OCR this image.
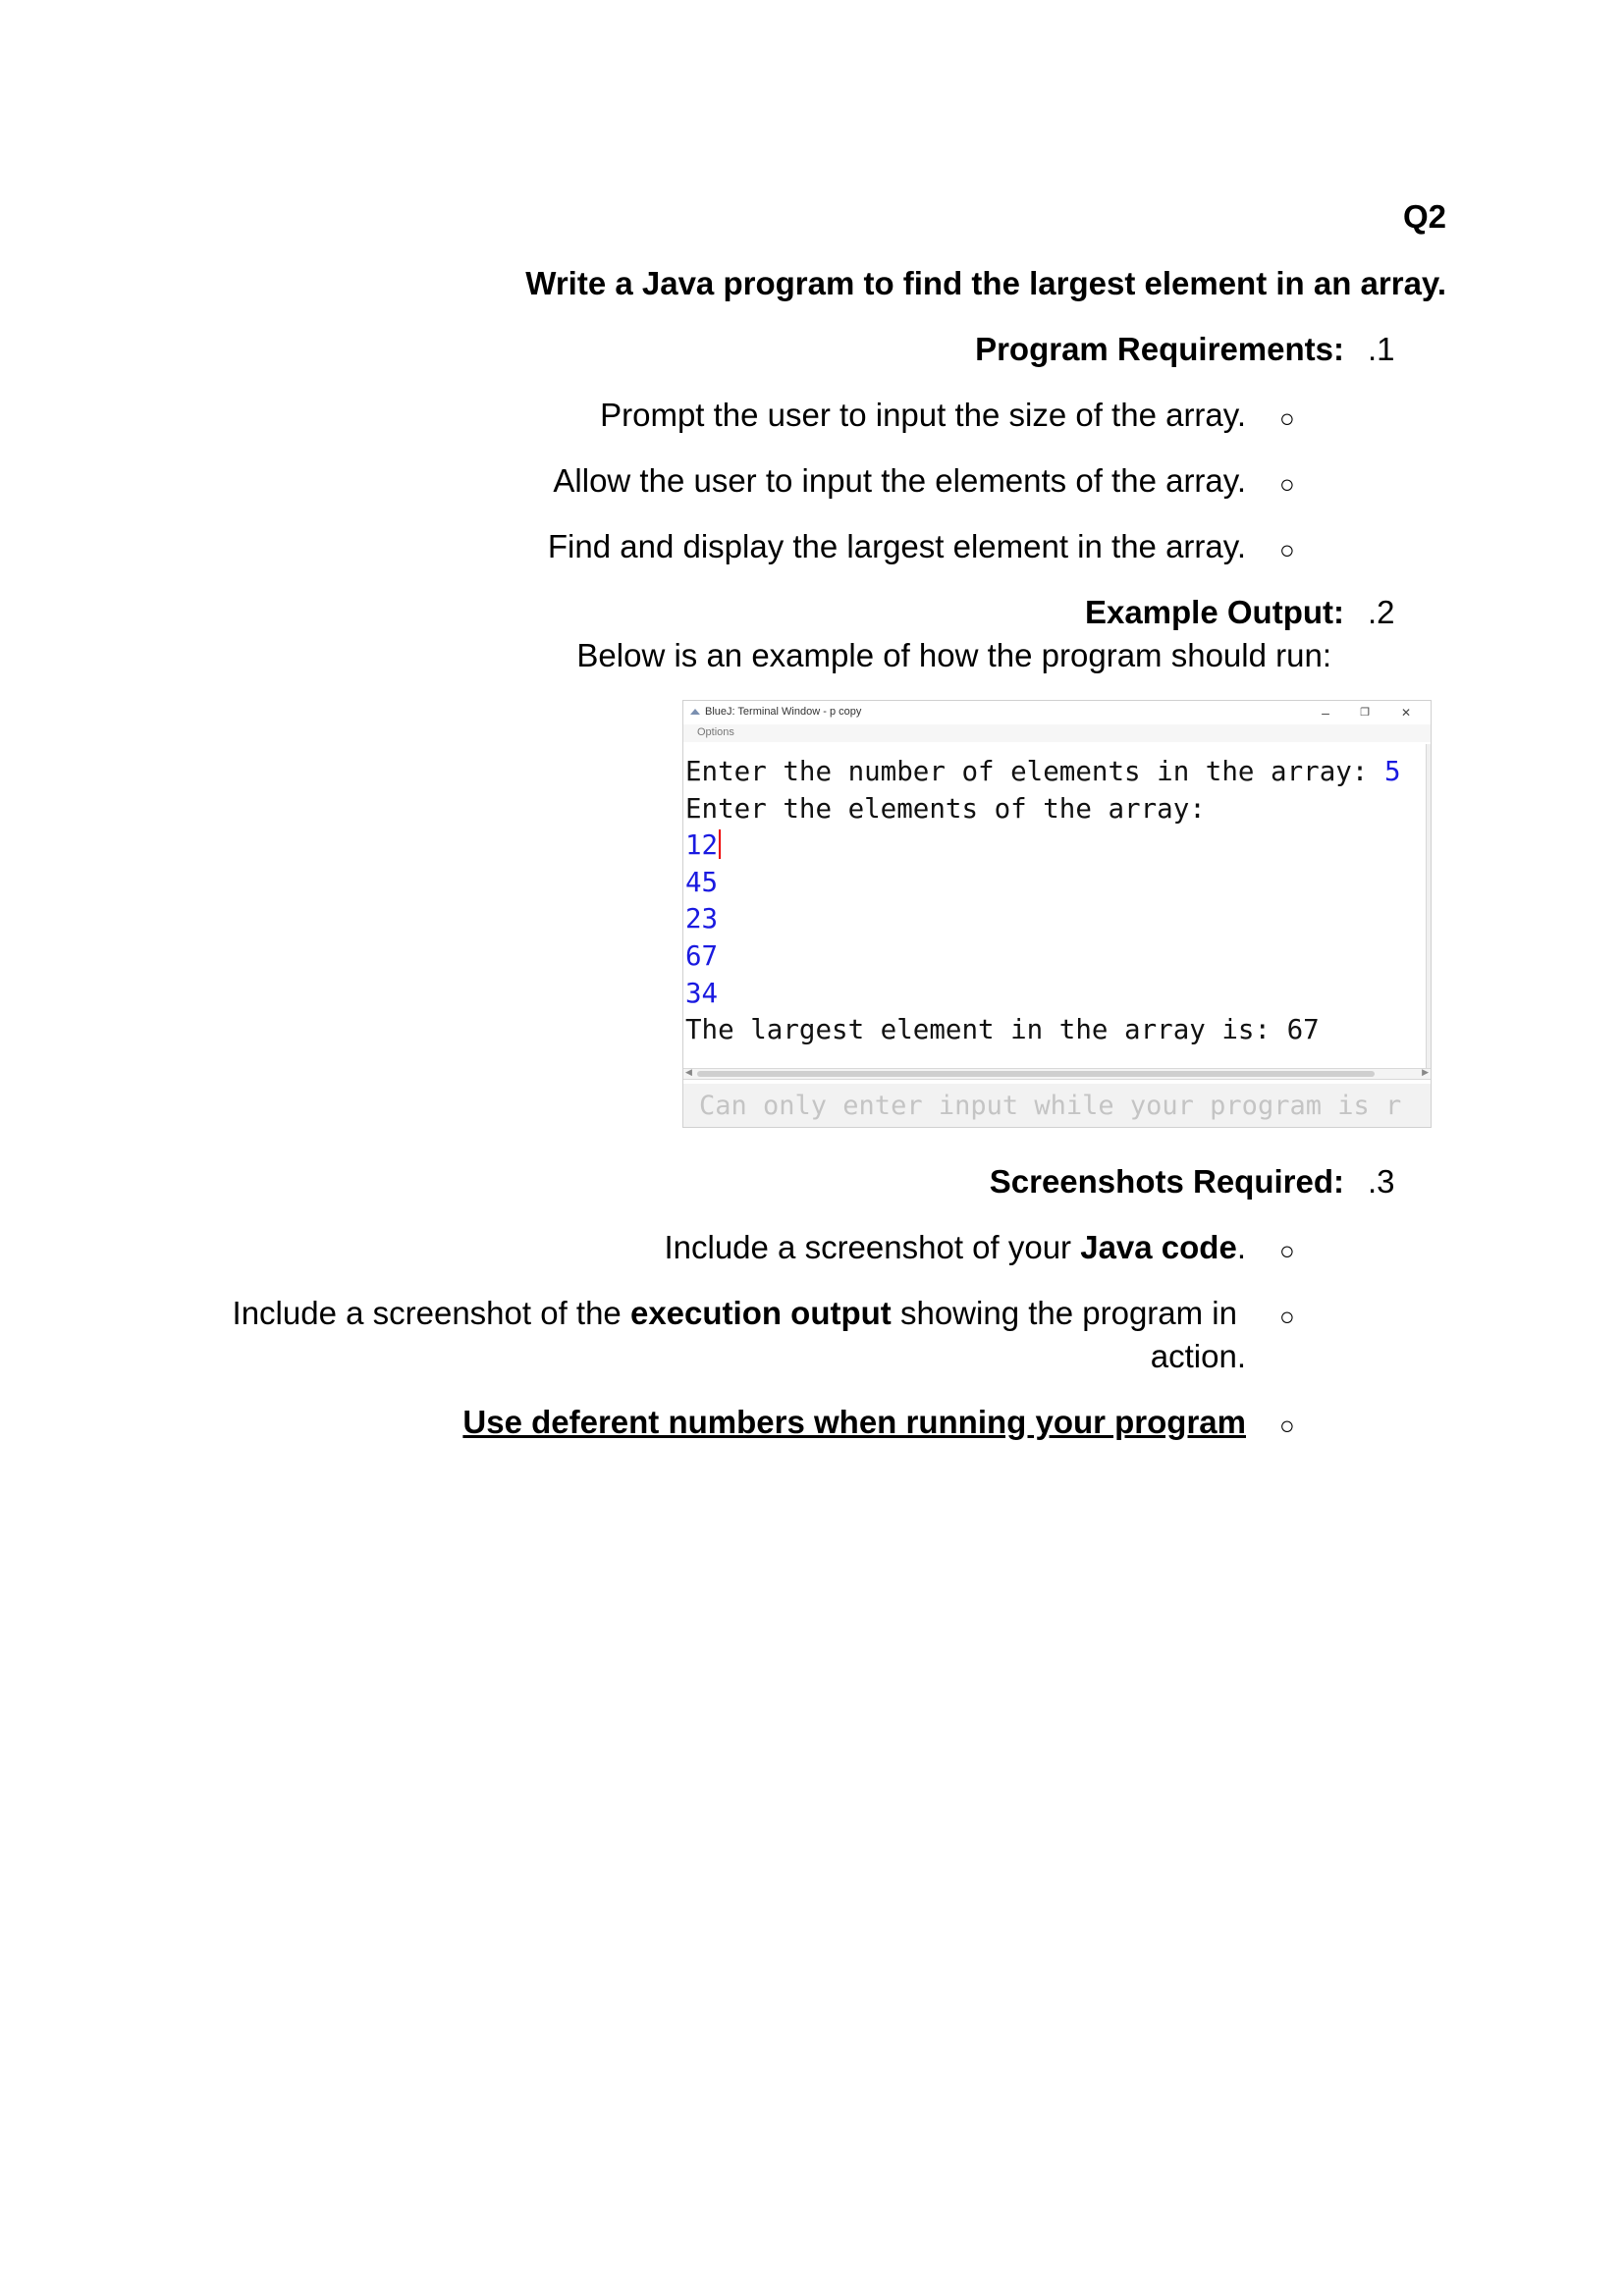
Q2
Write a Java program to find the largest element in an array.
Program Requirements: .1
Prompt the user to input the size of the array. ○
Allow the user to input the elements of the array. ○
Find and display the largest element in the array. ○
Example Output: .2
Below is an example of how the program should run:
BlueJ: Terminal Window - p copy	–	❐	✕
Options
Enter the number of elements in the array: 5
Enter the elements of the array:
12
45
23
67
34
The largest element in the array is: 67
◀	▶
Can only enter input while your program is r
Screenshots Required: .3
Include a screenshot of your Java code. ○
Include a screenshot of the execution output showing the program in
action.
○
Use deferent numbers when running your program ○
